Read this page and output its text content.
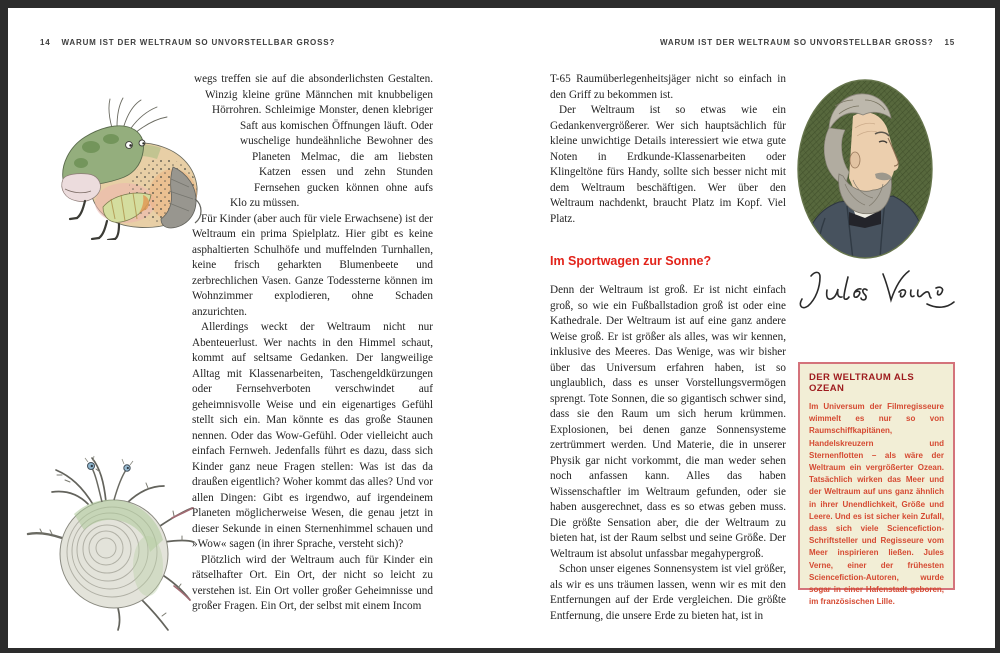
14 WARUM IST DER WELTRAUM SO UNVORSTELLBAR GROSS?	WARUM IST DER WELTRAUM SO UNVORSTELLBAR GROSS? 15

wegs treffen sie auf die absonderlichsten Gestalten. Winzig kleine grüne Männchen mit knubbeligen Hörrohren. Schleimige Monster, denen klebriger Saft aus komischen Öffnungen läuft. Oder wuschelige hundeähnliche Bewohner des Planeten Melmac, die am liebsten Katzen essen und zehn Stunden Fernsehen gucken können ohne aufs Klo zu müssen.

Für Kinder (aber auch für viele Erwachsene) ist der Weltraum ein prima Spielplatz. Hier gibt es keine asphaltierten Schulhöfe und muffelnden Turnhallen, keine frisch geharkten Blumenbeete und zerbrechlichen Vasen. Ganze Todessterne können im Wohnzimmer explodieren, ohne Schaden anzurichten.

Allerdings weckt der Weltraum nicht nur Abenteuerlust. Wer nachts in den Himmel schaut, kommt auf seltsame Gedanken. Der langweilige Alltag mit Klassenarbeiten, Taschengeldkürzungen oder Fernsehverboten verschwindet auf geheimnisvolle Weise und ein eigenartiges Gefühl stellt sich ein. Man könnte es das große Staunen nennen. Oder das Wow-Gefühl. Oder vielleicht auch einfach Fernweh. Jedenfalls führt es dazu, dass sich Kinder ganz neue Fragen stellen: Was ist das da draußen eigentlich? Woher kommt das alles? Und vor allen Dingen: Gibt es irgendwo, auf irgendeinem Planeten möglicherweise Wesen, die genau jetzt in dieser Sekunde in einen Sternenhimmel schauen und »Wow« sagen (in ihrer Sprache, versteht sich)?

Plötzlich wird der Weltraum auch für Kinder ein rätselhafter Ort. Ein Ort, der nicht so leicht zu verstehen ist. Ein Ort voller großer Geheimnisse und großer Fragen. Ein Ort, der selbst mit einem Incom

T-65 Raumüberlegenheitsjäger nicht so einfach in den Griff zu bekommen ist.

Der Weltraum ist so etwas wie ein Gedankenvergrößerer. Wer sich hauptsächlich für kleine unwichtige Details interessiert wie etwa gute Noten in Erdkunde-Klassenarbeiten oder Klingeltöne fürs Handy, sollte sich besser nicht mit dem Weltraum beschäftigen. Wer über den Weltraum nachdenkt, braucht Platz im Kopf. Viel Platz.

Im Sportwagen zur Sonne?

Denn der Weltraum ist groß. Er ist nicht einfach groß, so wie ein Fußballstadion groß ist oder eine Kathedrale. Der Weltraum ist auf eine ganz andere Weise groß. Er ist größer als alles, was wir kennen, inklusive des Meeres. Das Wenige, was wir bisher über das Universum erfahren haben, ist so unglaublich, dass es unser Vorstellungsvermögen sprengt. Tote Sonnen, die so gigantisch schwer sind, dass sie den Raum um sich herum krümmen. Explosionen, bei denen ganze Sonnensysteme zertrümmert werden. Und Materie, die in unserer Physik gar nicht vorkommt, die man weder sehen noch anfassen kann. Alles das haben Wissenschaftler im Weltraum gefunden, oder sie haben ausgerechnet, dass es so etwas geben muss. Die größte Sensation aber, die der Weltraum zu bieten hat, ist der Raum selbst und seine Größe. Der Weltraum ist absolut unfassbar megahypergroß.

Schon unser eigenes Sonnensystem ist viel größer, als wir es uns träumen lassen, wenn wir es mit den Entfernungen auf der Erde vergleichen. Die größte Entfernung, die unsere Erde zu bieten hat, ist in

DER WELTRAUM ALS OZEAN
Im Universum der Filmregisseure wimmelt es nur so von Raumschiffkapitänen, Handelskreuzern und Sternenflotten – als wäre der Weltraum ein vergrößerter Ozean. Tatsächlich wirken das Meer und der Weltraum auf uns ganz ähnlich in ihrer Unendlichkeit, Größe und Leere. Und es ist sicher kein Zufall, dass sich viele Sciencefiction-Schriftsteller und Regisseure vom Meer inspirieren ließen. Jules Verne, einer der frühesten Sciencefiction-Autoren, wurde sogar in einer Hafenstadt geboren, im französischen Lille.
